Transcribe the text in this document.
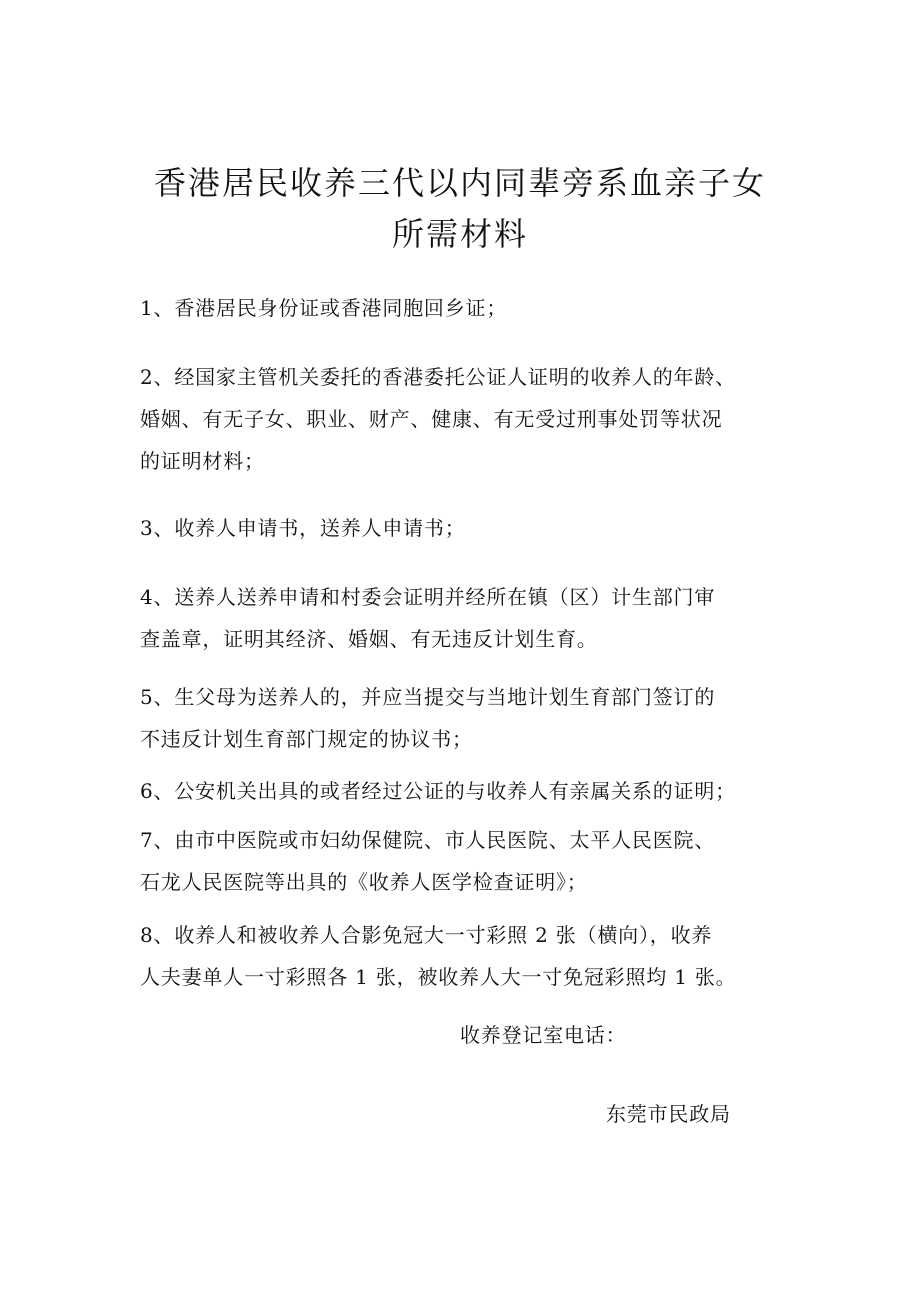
香港居民收养三代以内同辈旁系血亲子女
所需材料
1、香港居民身份证或香港同胞回乡证；
2、经国家主管机关委托的香港委托公证人证明的收养人的年龄、
婚姻、有无子女、职业、财产、健康、有无受过刑事处罚等状况
的证明材料；
3、收养人申请书，送养人申请书；
4、送养人送养申请和村委会证明并经所在镇（区）计生部门审
查盖章，证明其经济、婚姻、有无违反计划生育。
5、生父母为送养人的，并应当提交与当地计划生育部门签订的
不违反计划生育部门规定的协议书；
6、公安机关出具的或者经过公证的与收养人有亲属关系的证明；
7、由市中医院或市妇幼保健院、市人民医院、太平人民医院、
石龙人民医院等出具的《收养人医学检查证明》；
8、收养人和被收养人合影免冠大一寸彩照 2 张（横向），收养
人夫妻单人一寸彩照各 1 张，被收养人大一寸免冠彩照均 1 张。
收养登记室电话：
东莞市民政局
